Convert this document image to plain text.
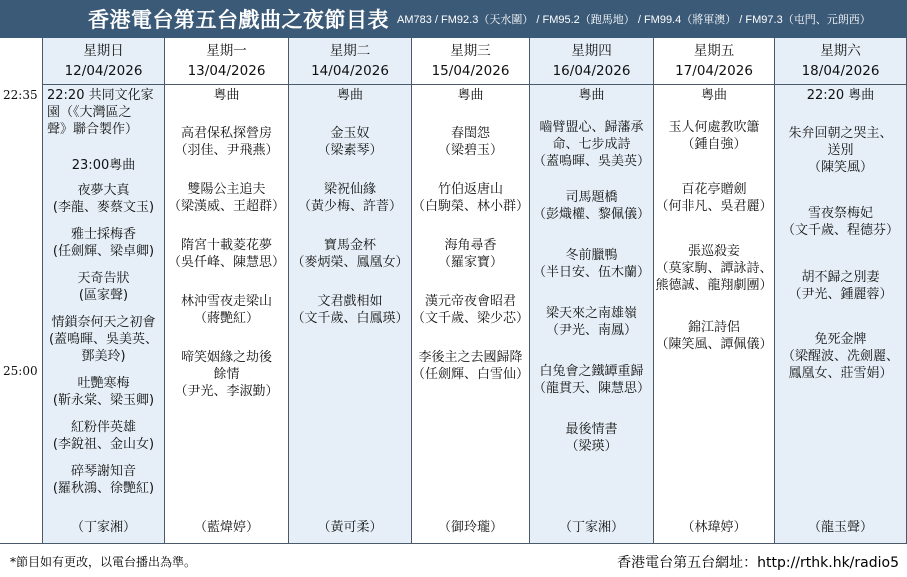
香港電台第五台戲曲之夜節目表 AM783 / FM92.3（天水圍） / FM95.2（跑馬地） / FM99.4（將軍澳） / FM97.3（屯門、元朗西）
22:35
25:00
星期日
12/04/2026
22:20 共同文化家
園（《大灣區之
聲》聯合製作）
23:00粵曲
夜夢大真
(李龍、麥蔡文玉)
雅士採梅香
(任劍輝、梁卓卿)
天奇告狀
(區家聲)
情鎖奈何天之初會
(蓋鳴暉、吳美英、
鄧美玲)
吐艷寒梅
(靳永棠、梁玉卿)
紅粉伴英雄
(李銳祖、金山女)
碎琴謝知音
(羅秋鴻、徐艷紅)
（丁家湘）
星期一
13/04/2026
粵曲
高君保私探營房
（羽佳、尹飛燕）
雙陽公主追夫
（梁漢威、王超群）
隋宮十載菱花夢
（吳仟峰、陳慧思）
林沖雪夜走梁山
（蔣艷紅）
啼笑姻緣之劫後
餘情
（尹光、李淑勤）
（藍煒婷）
星期二
14/04/2026
粵曲
金玉奴
（梁素琴）
梁祝仙緣
（黃少梅、許萻）
寶馬金杯
（麥炳榮、鳳凰女）
文君戲相如
（文千歲、白鳳瑛）
（黃可柔）
星期三
15/04/2026
粵曲
春閨怨
（梁碧玉）
竹伯返唐山
（白駒榮、林小群）
海角尋香
（羅家寶）
漢元帝夜會昭君
（文千歲、梁少芯）
李後主之去國歸降
（任劍輝、白雪仙）
（御玲瓏）
星期四
16/04/2026
粵曲
嚙臂盟心、歸藩承
命、七步成詩
（蓋鳴暉、吳美英）
司馬題橋
（彭熾權、黎佩儀）
冬前臘鴨
（半日安、伍木蘭）
梁天來之南雄嶺
（尹光、南鳳）
白兔會之鐵罈重歸
（龍貫天、陳慧思）
最後情書
（梁瑛）
（丁家湘）
星期五
17/04/2026
粵曲
玉人何處教吹簫
（鍾自強）
百花亭贈劍
（何非凡、吳君麗）
張巡殺妾
（莫家駒、譚詠詩、
熊德誠、龍翔劇團）
錦江詩侶
（陳笑風、譚佩儀）
（林瑋婷）
星期六
18/04/2026
22:20 粵曲
朱弁回朝之哭主、
送別
（陳笑風）
雪夜祭梅妃
（文千歲、程德芬）
胡不歸之別妻
（尹光、鍾麗蓉）
免死金牌
（梁醒波、冼劍麗、
鳳凰女、莊雪娟）
（龍玉聲）
*節目如有更改，以電台播出為準。	香港電台第五台網址：http://rthk.hk/radio5
